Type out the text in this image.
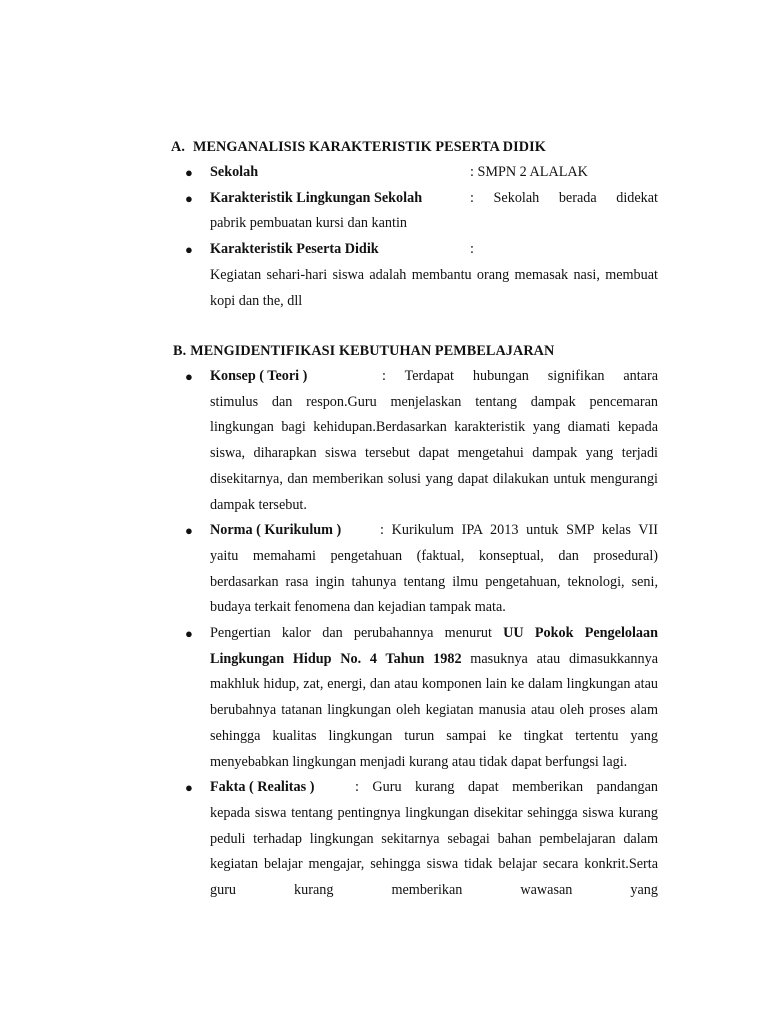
A. MENGANALISIS KARAKTERISTIK PESERTA DIDIK
● Sekolah	: SMPN 2 ALALAK
● Karakteristik Lingkungan Sekolah	:  Sekolah  berada  didekat
pabrik pembuatan kursi dan kantin
● Karakteristik Peserta Didik	:
Kegiatan sehari-hari siswa adalah membantu orang memasak nasi, membuat kopi dan the, dll
B. MENGIDENTIFIKASI KEBUTUHAN PEMBELAJARAN
● Konsep ( Teori )	: Terdapat hubungan signifikan antara
stimulus dan respon.Guru menjelaskan tentang dampak pencemaran lingkungan bagi kehidupan.Berdasarkan karakteristik yang diamati kepada siswa, diharapkan siswa tersebut dapat mengetahui dampak yang terjadi disekitarnya, dan memberikan solusi yang dapat dilakukan untuk mengurangi dampak tersebut.
● Norma ( Kurikulum )	: Kurikulum IPA 2013 untuk SMP kelas VII
yaitu memahami pengetahuan (faktual, konseptual, dan prosedural) berdasarkan rasa ingin tahunya tentang ilmu pengetahuan, teknologi, seni, budaya terkait fenomena dan kejadian tampak mata.
● Pengertian kalor dan perubahannya menurut UU Pokok Pengelolaan Lingkungan Hidup No. 4 Tahun 1982 masuknya atau dimasukkannya makhluk hidup, zat, energi, dan atau komponen lain ke dalam lingkungan atau berubahnya tatanan lingkungan oleh kegiatan manusia atau oleh proses alam sehingga kualitas lingkungan turun sampai ke tingkat tertentu yang menyebabkan lingkungan menjadi kurang atau tidak dapat berfungsi lagi.
● Fakta ( Realitas )	: Guru kurang dapat memberikan pandangan
kepada siswa tentang pentingnya lingkungan disekitar sehingga siswa kurang peduli terhadap lingkungan sekitarnya sebagai bahan pembelajaran dalam kegiatan belajar mengajar, sehingga siswa tidak belajar secara konkrit.Serta guru kurang memberikan wawasan yang
